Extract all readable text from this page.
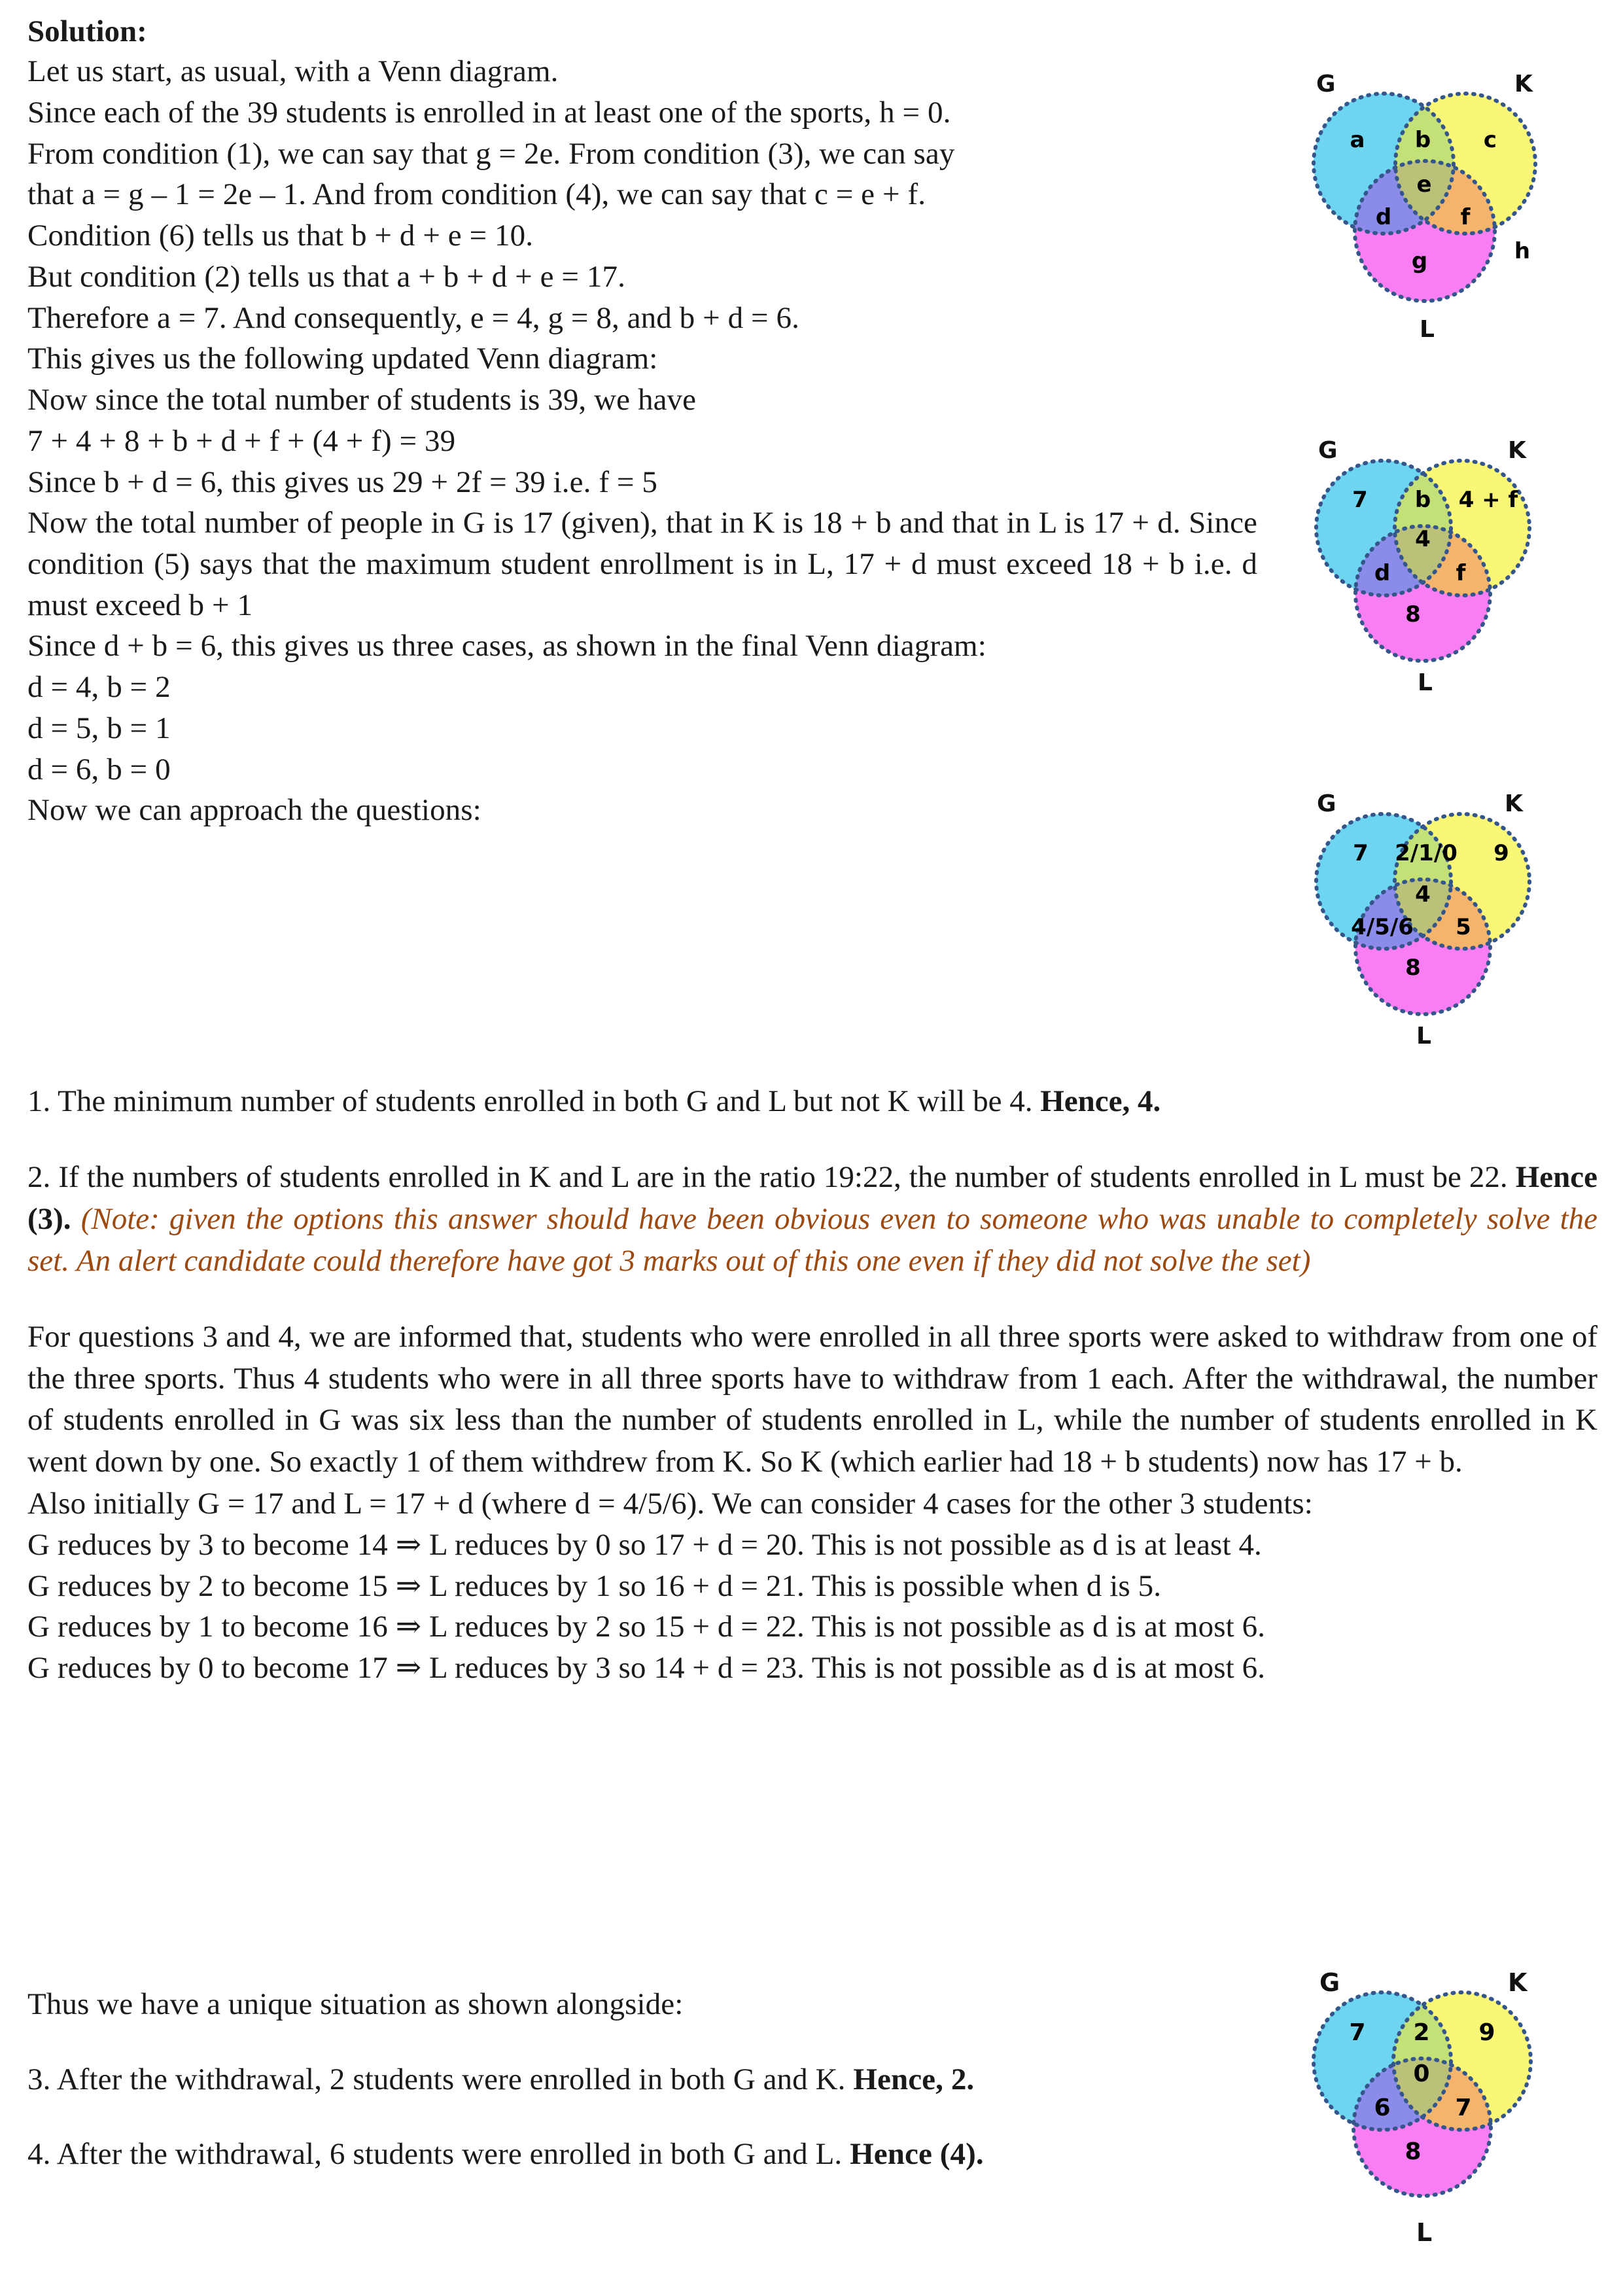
Solution:
Let us start, as usual, with a Venn diagram.
Since each of the 39 students is enrolled in at least one of the sports, h = 0.
From condition (1), we can say that g = 2e. From condition (3), we can say
that a = g – 1 = 2e – 1. And from condition (4), we can say that c = e + f.
Condition (6) tells us that b + d + e = 10.
But condition (2) tells us that a + b + d + e = 17.
Therefore a = 7. And consequently, e = 4, g = 8, and b + d = 6.
This gives us the following updated Venn diagram:
Now since the total number of students is 39, we have
7 + 4 + 8 + b + d + f + (4 + f) = 39
Since b + d = 6, this gives us 29 + 2f = 39 i.e. f = 5
Now the total number of people in G is 17 (given), that in K is 18 + b and that in L is 17 + d. Since condition (5) says that the maximum student enrollment is in L, 17 + d must exceed 18 + b i.e. d must exceed b + 1
Since d + b = 6, this gives us three cases, as shown in the final Venn diagram:
d = 4, b = 2
d = 5, b = 1
d = 6, b = 0
Now we can approach the questions:
1. The minimum number of students enrolled in both G and L but not K will be 4. Hence, 4.
2. If the numbers of students enrolled in K and L are in the ratio 19:22, the number of students enrolled in L must be 22. Hence (3). (Note: given the options this answer should have been obvious even to someone who was unable to completely solve the set. An alert candidate could therefore have got 3 marks out of this one even if they did not solve the set)
For questions 3 and 4, we are informed that, students who were enrolled in all three sports were asked to withdraw from one of the three sports. Thus 4 students who were in all three sports have to withdraw from 1 each. After the withdrawal, the number of students enrolled in G was six less than the number of students enrolled in L, while the number of students enrolled in K went down by one. So exactly 1 of them withdrew from K. So K (which earlier had 18 + b students) now has 17 + b.
Also initially G = 17 and L = 17 + d (where d = 4/5/6). We can consider 4 cases for the other 3 students:
G reduces by 3 to become 14 ⇒ L reduces by 0 so 17 + d = 20. This is not possible as d is at least 4.
G reduces by 2 to become 15 ⇒ L reduces by 1 so 16 + d = 21. This is possible when d is 5.
G reduces by 1 to become 16 ⇒ L reduces by 2 so 15 + d = 22. This is not possible as d is at most 6.
G reduces by 0 to become 17 ⇒ L reduces by 3 so 14 + d = 23. This is not possible as d is at most 6.
Thus we have a unique situation as shown alongside:
3. After the withdrawal, 2 students were enrolled in both G and K. Hence, 2.
4. After the withdrawal, 6 students were enrolled in both G and L. Hence (4).
G	K
L
a b c
e
d	f
g	h
G	K
L
7 b 4 + f
4
d	f
8
G	K
L
7 2/1/0 9
4
4/5/6 5
8
G	K
L
7 2 9
0
6	7
8
